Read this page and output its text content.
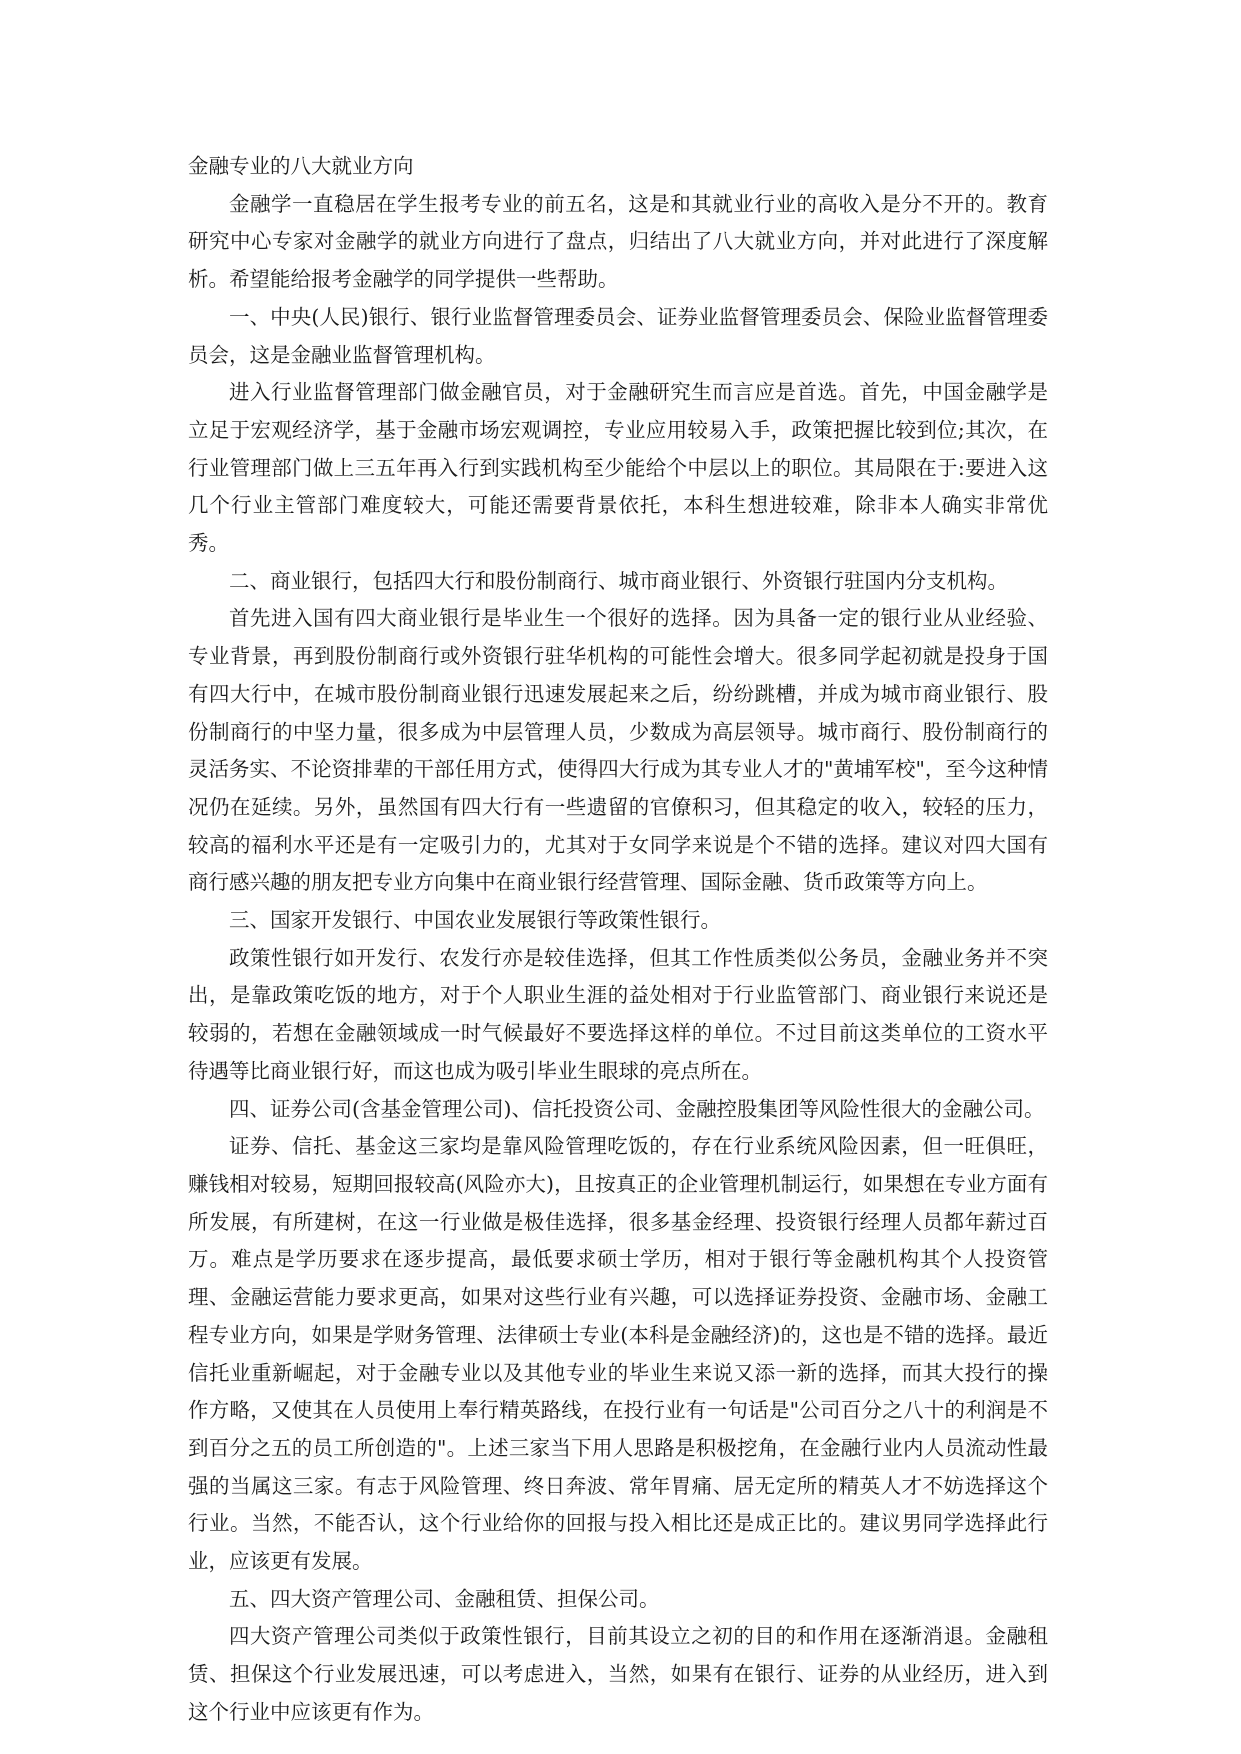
金融专业的八大就业方向

金融学一直稳居在学生报考专业的前五名，这是和其就业行业的高收入是分不开的。教育研究中心专家对金融学的就业方向进行了盘点，归结出了八大就业方向，并对此进行了深度解析。希望能给报考金融学的同学提供一些帮助。

一、中央(人民)银行、银行业监督管理委员会、证券业监督管理委员会、保险业监督管理委员会，这是金融业监督管理机构。

进入行业监督管理部门做金融官员，对于金融研究生而言应是首选。首先，中国金融学是立足于宏观经济学，基于金融市场宏观调控，专业应用较易入手，政策把握比较到位;其次，在行业管理部门做上三五年再入行到实践机构至少能给个中层以上的职位。其局限在于:要进入这几个行业主管部门难度较大，可能还需要背景依托，本科生想进较难，除非本人确实非常优秀。

二、商业银行，包括四大行和股份制商行、城市商业银行、外资银行驻国内分支机构。

首先进入国有四大商业银行是毕业生一个很好的选择。因为具备一定的银行业从业经验、专业背景，再到股份制商行或外资银行驻华机构的可能性会增大。很多同学起初就是投身于国有四大行中，在城市股份制商业银行迅速发展起来之后，纷纷跳槽，并成为城市商业银行、股份制商行的中坚力量，很多成为中层管理人员，少数成为高层领导。城市商行、股份制商行的灵活务实、不论资排辈的干部任用方式，使得四大行成为其专业人才的"黄埔军校"，至今这种情况仍在延续。另外，虽然国有四大行有一些遗留的官僚积习，但其稳定的收入，较轻的压力，较高的福利水平还是有一定吸引力的，尤其对于女同学来说是个不错的选择。建议对四大国有商行感兴趣的朋友把专业方向集中在商业银行经营管理、国际金融、货币政策等方向上。

三、国家开发银行、中国农业发展银行等政策性银行。

政策性银行如开发行、农发行亦是较佳选择，但其工作性质类似公务员，金融业务并不突出，是靠政策吃饭的地方，对于个人职业生涯的益处相对于行业监管部门、商业银行来说还是较弱的，若想在金融领域成一时气候最好不要选择这样的单位。不过目前这类单位的工资水平待遇等比商业银行好，而这也成为吸引毕业生眼球的亮点所在。

四、证券公司(含基金管理公司)、信托投资公司、金融控股集团等风险性很大的金融公司。

证券、信托、基金这三家均是靠风险管理吃饭的，存在行业系统风险因素，但一旺俱旺，赚钱相对较易，短期回报较高(风险亦大)，且按真正的企业管理机制运行，如果想在专业方面有所发展，有所建树，在这一行业做是极佳选择，很多基金经理、投资银行经理人员都年薪过百万。难点是学历要求在逐步提高，最低要求硕士学历，相对于银行等金融机构其个人投资管理、金融运营能力要求更高，如果对这些行业有兴趣，可以选择证券投资、金融市场、金融工程专业方向，如果是学财务管理、法律硕士专业(本科是金融经济)的，这也是不错的选择。最近信托业重新崛起，对于金融专业以及其他专业的毕业生来说又添一新的选择，而其大投行的操作方略，又使其在人员使用上奉行精英路线，在投行业有一句话是"公司百分之八十的利润是不到百分之五的员工所创造的"。上述三家当下用人思路是积极挖角，在金融行业内人员流动性最强的当属这三家。有志于风险管理、终日奔波、常年胃痛、居无定所的精英人才不妨选择这个行业。当然，不能否认，这个行业给你的回报与投入相比还是成正比的。建议男同学选择此行业，应该更有发展。

五、四大资产管理公司、金融租赁、担保公司。

四大资产管理公司类似于政策性银行，目前其设立之初的目的和作用在逐渐消退。金融租赁、担保这个行业发展迅速，可以考虑进入，当然，如果有在银行、证券的从业经历，进入到这个行业中应该更有作为。
